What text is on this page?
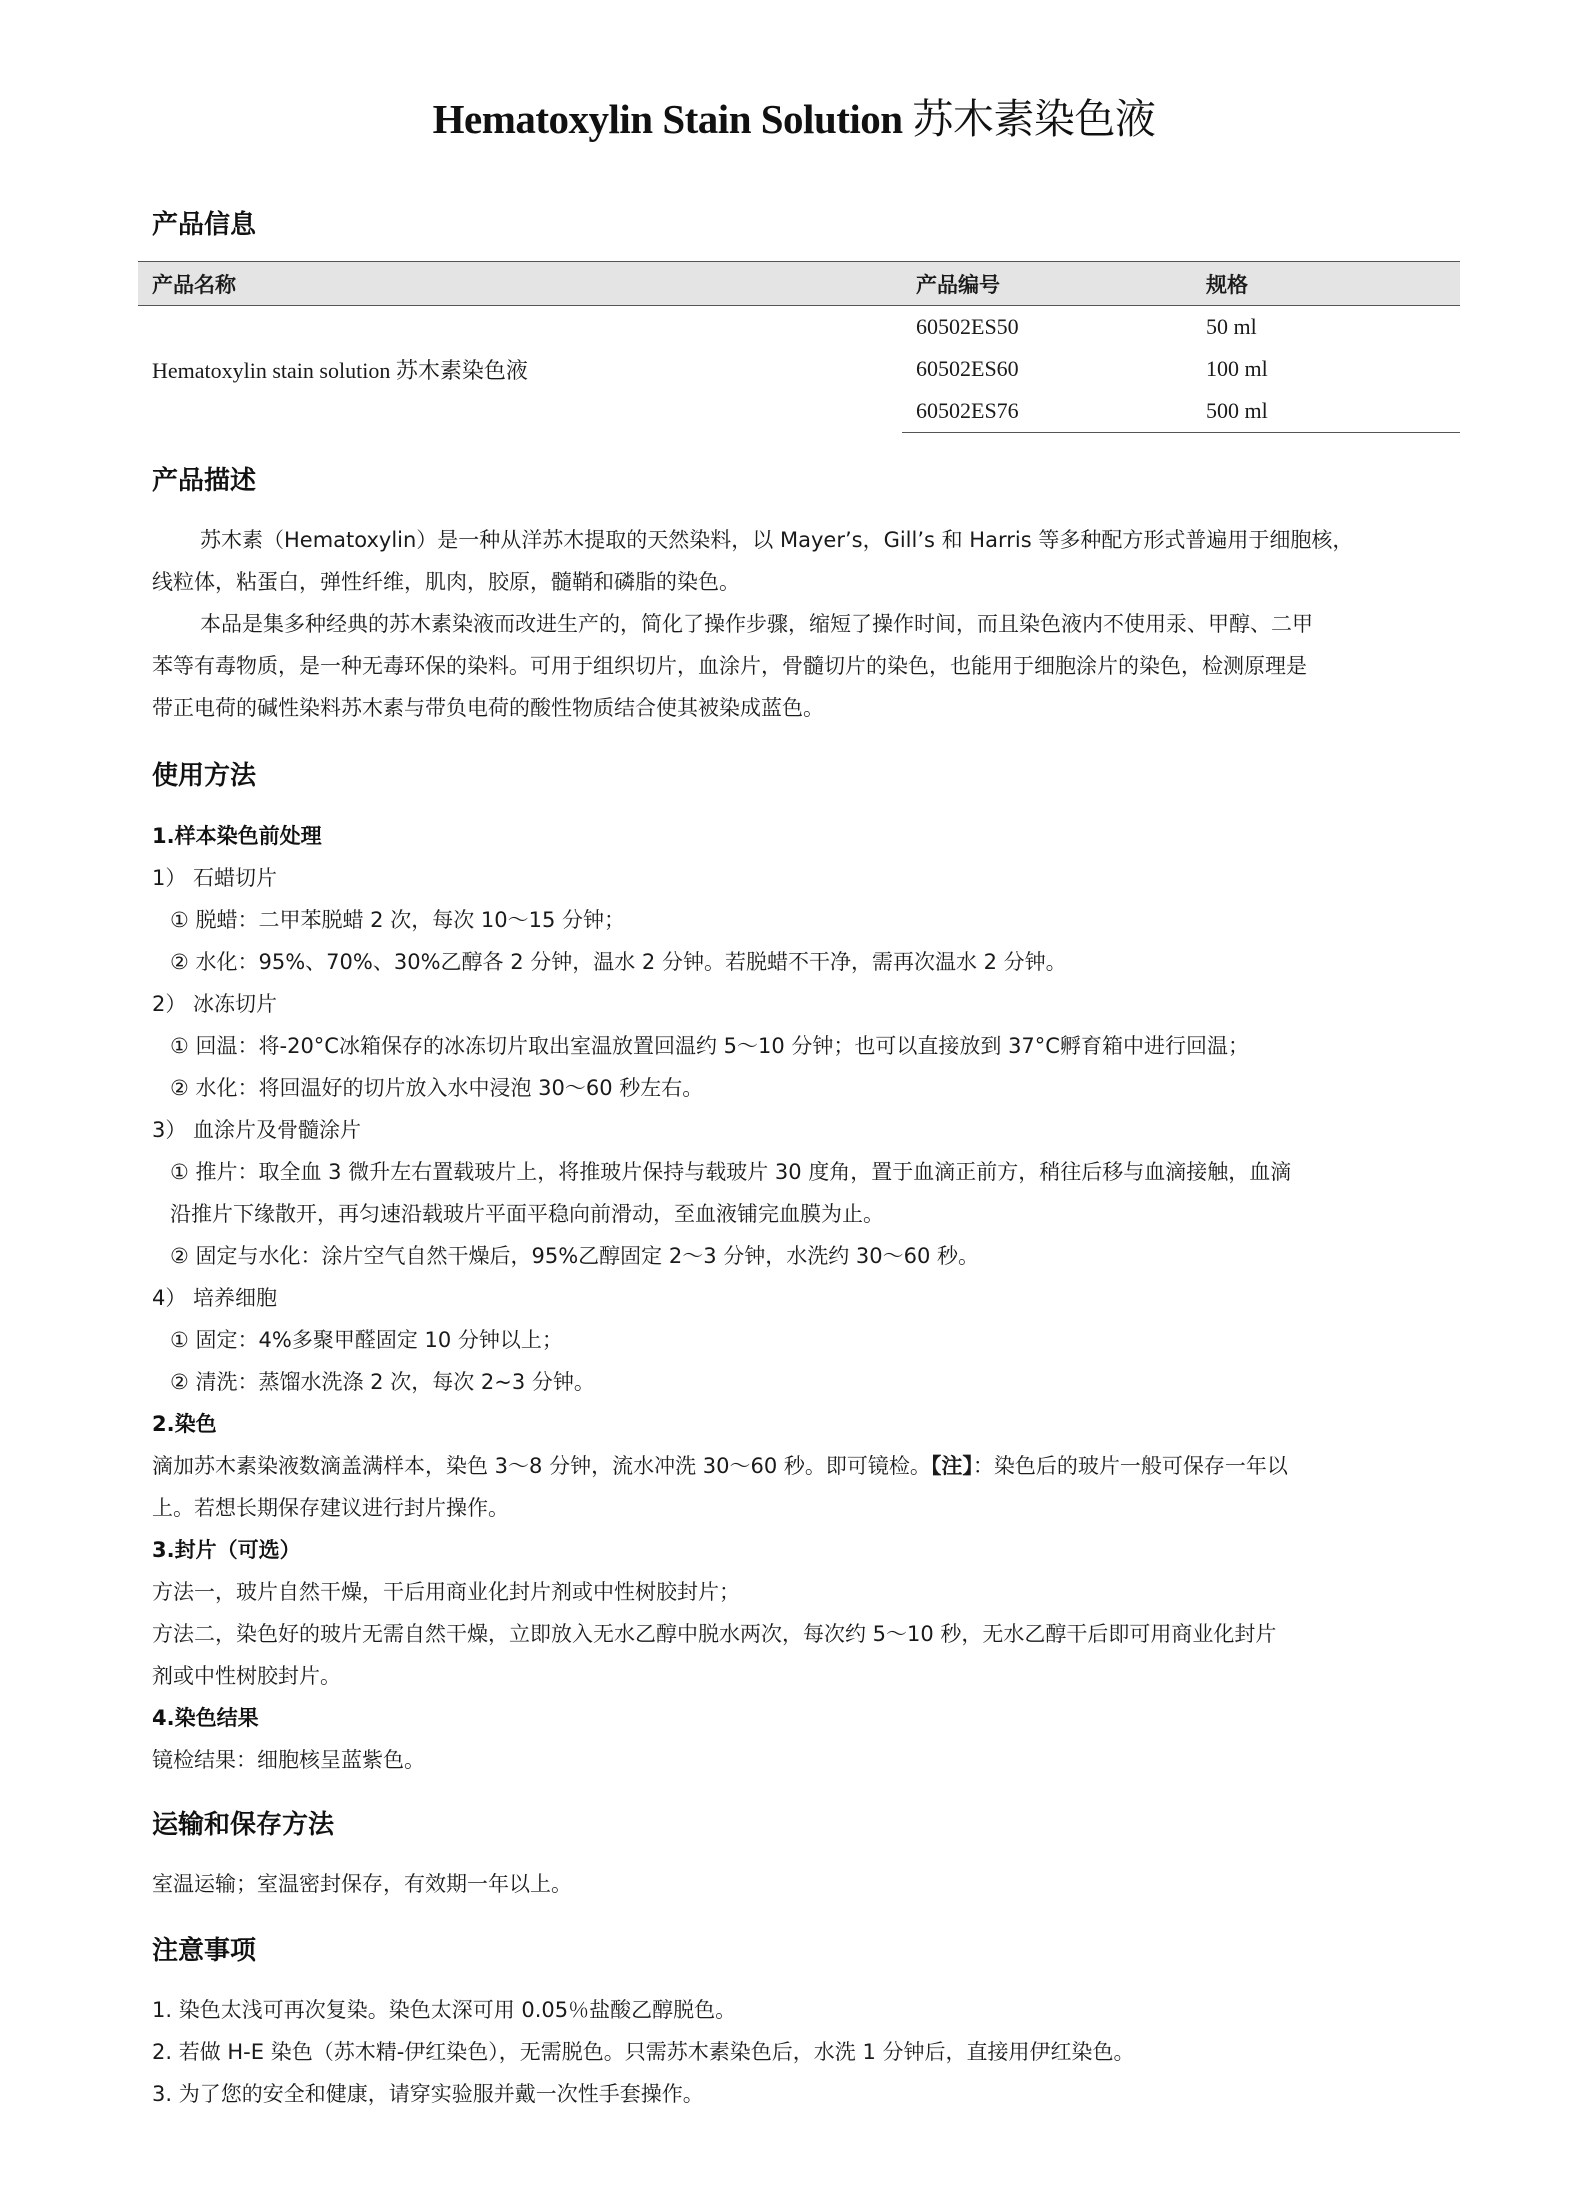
Hematoxylin Stain Solution 苏木素染色液
产品信息
产品名称	产品编号	规格
Hematoxylin stain solution 苏木素染色液	60502ES50	50 ml
	60502ES60	100 ml
	60502ES76	500 ml
产品描述
苏木素（Hematoxylin）是一种从洋苏木提取的天然染料，以 Mayer’s，Gill’s 和 Harris 等多种配方形式普遍用于细胞核，
线粒体，粘蛋白，弹性纤维，肌肉，胶原，髓鞘和磷脂的染色。
本品是集多种经典的苏木素染液而改进生产的，简化了操作步骤，缩短了操作时间，而且染色液内不使用汞、甲醇、二甲
苯等有毒物质，是一种无毒环保的染料。可用于组织切片，血涂片，骨髓切片的染色，也能用于细胞涂片的染色，检测原理是
带正电荷的碱性染料苏木素与带负电荷的酸性物质结合使其被染成蓝色。
使用方法
1.样本染色前处理
1） 石蜡切片
① 脱蜡：二甲苯脱蜡 2 次，每次 10～15 分钟；
② 水化：95%、70%、30%乙醇各 2 分钟，温水 2 分钟。若脱蜡不干净，需再次温水 2 分钟。
2） 冰冻切片
① 回温：将-20°C冰箱保存的冰冻切片取出室温放置回温约 5～10 分钟；也可以直接放到 37°C孵育箱中进行回温；
② 水化：将回温好的切片放入水中浸泡 30～60 秒左右。
3） 血涂片及骨髓涂片
① 推片：取全血 3 微升左右置载玻片上，将推玻片保持与载玻片 30 度角，置于血滴正前方，稍往后移与血滴接触，血滴
沿推片下缘散开，再匀速沿载玻片平面平稳向前滑动，至血液铺完血膜为止。
② 固定与水化：涂片空气自然干燥后，95%乙醇固定 2～3 分钟，水洗约 30～60 秒。
4） 培养细胞
① 固定：4%多聚甲醛固定 10 分钟以上；
② 清洗：蒸馏水洗涤 2 次，每次 2~3 分钟。
2.染色
滴加苏木素染液数滴盖满样本，染色 3～8 分钟，流水冲洗 30～60 秒。即可镜检。【注】：染色后的玻片一般可保存一年以
上。若想长期保存建议进行封片操作。
3.封片（可选）
方法一，玻片自然干燥，干后用商业化封片剂或中性树胶封片；
方法二，染色好的玻片无需自然干燥，立即放入无水乙醇中脱水两次，每次约 5～10 秒，无水乙醇干后即可用商业化封片
剂或中性树胶封片。
4.染色结果
镜检结果：细胞核呈蓝紫色。
运输和保存方法
室温运输；室温密封保存，有效期一年以上。
注意事项
1. 染色太浅可再次复染。染色太深可用 0.05％盐酸乙醇脱色。
2. 若做 H-E 染色（苏木精-伊红染色），无需脱色。只需苏木素染色后，水洗 1 分钟后，直接用伊红染色。
3. 为了您的安全和健康，请穿实验服并戴一次性手套操作。
